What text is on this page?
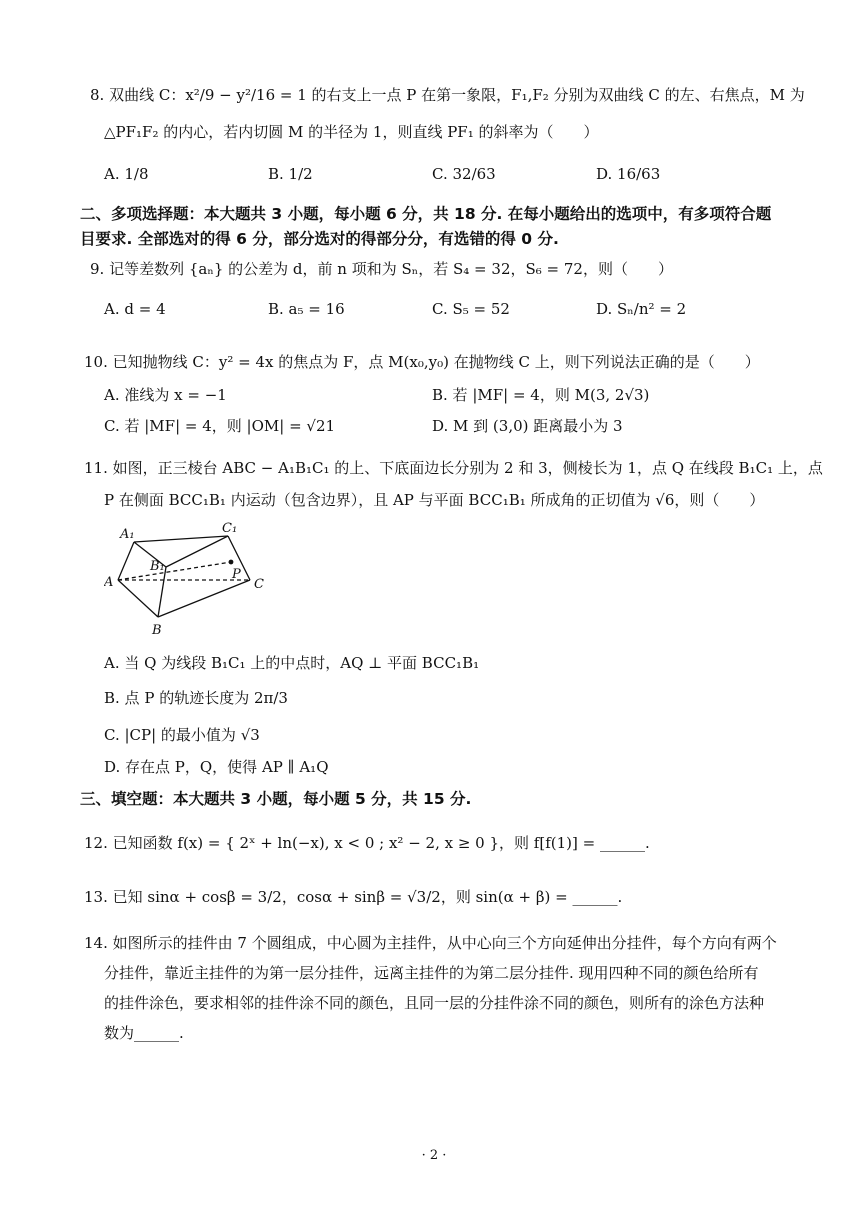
8. 双曲线 C：x²/9 − y²/16 = 1 的右支上一点 P 在第一象限，F₁,F₂ 分别为双曲线 C 的左、右焦点，M 为
△PF₁F₂ 的内心，若内切圆 M 的半径为 1，则直线 PF₁ 的斜率为（　　）
A. 1/8	B. 1/2	C. 32/63	D. 16/63
二、多项选择题：本大题共 3 小题，每小题 6 分，共 18 分. 在每小题给出的选项中，有多项符合题
目要求. 全部选对的得 6 分，部分选对的得部分分，有选错的得 0 分.
9. 记等差数列 {aₙ} 的公差为 d，前 n 项和为 Sₙ，若 S₄ = 32，S₆ = 72，则（　　）
A. d = 4	B. a₅ = 16	C. S₅ = 52	D. Sₙ/n² = 2
10. 已知抛物线 C：y² = 4x 的焦点为 F，点 M(x₀,y₀) 在抛物线 C 上，则下列说法正确的是（　　）
A. 准线为 x = −1	B. 若 |MF| = 4，则 M(3, 2√3)
C. 若 |MF| = 4，则 |OM| = √21	D. M 到 (3,0) 距离最小为 3
11. 如图，正三棱台 ABC − A₁B₁C₁ 的上、下底面边长分别为 2 和 3，侧棱长为 1，点 Q 在线段 B₁C₁ 上，点
P 在侧面 BCC₁B₁ 内运动（包含边界），且 AP 与平面 BCC₁B₁ 所成角的正切值为 √6，则（　　）
A₁	C₁
B₁
P
A	C
B
A. 当 Q 为线段 B₁C₁ 上的中点时，AQ ⊥ 平面 BCC₁B₁
B. 点 P 的轨迹长度为 2π/3
C. |CP| 的最小值为 √3
D. 存在点 P，Q，使得 AP ∥ A₁Q
三、填空题：本大题共 3 小题，每小题 5 分，共 15 分.
12. 已知函数 f(x) = { 2ˣ + ln(−x), x < 0 ; x² − 2, x ≥ 0 }，则 f[f(1)] = ______.
13. 已知 sinα + cosβ = 3/2，cosα + sinβ = √3/2，则 sin(α + β) = ______.
14. 如图所示的挂件由 7 个圆组成，中心圆为主挂件，从中心向三个方向延伸出分挂件，每个方向有两个
分挂件，靠近主挂件的为第一层分挂件，远离主挂件的为第二层分挂件. 现用四种不同的颜色给所有
的挂件涂色，要求相邻的挂件涂不同的颜色，且同一层的分挂件涂不同的颜色，则所有的涂色方法种
数为______.
· 2 ·
